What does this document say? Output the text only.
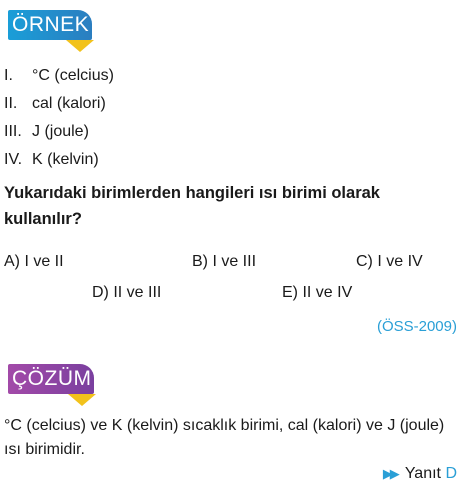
ÖRNEK
I. °C (celcius)
II. cal (kalori)
III. J (joule)
IV. K (kelvin)
Yukarıdaki birimlerden hangileri ısı birimi olarak kullanılır?
A) I ve II	B) I ve III	C) I ve IV
D) II ve III	E) II ve IV
(ÖSS-2009)
ÇÖZÜM
°C (celcius) ve K (kelvin) sıcaklık birimi, cal (kalori) ve J (joule) ısı birimidir.
▶▶ Yanıt D
